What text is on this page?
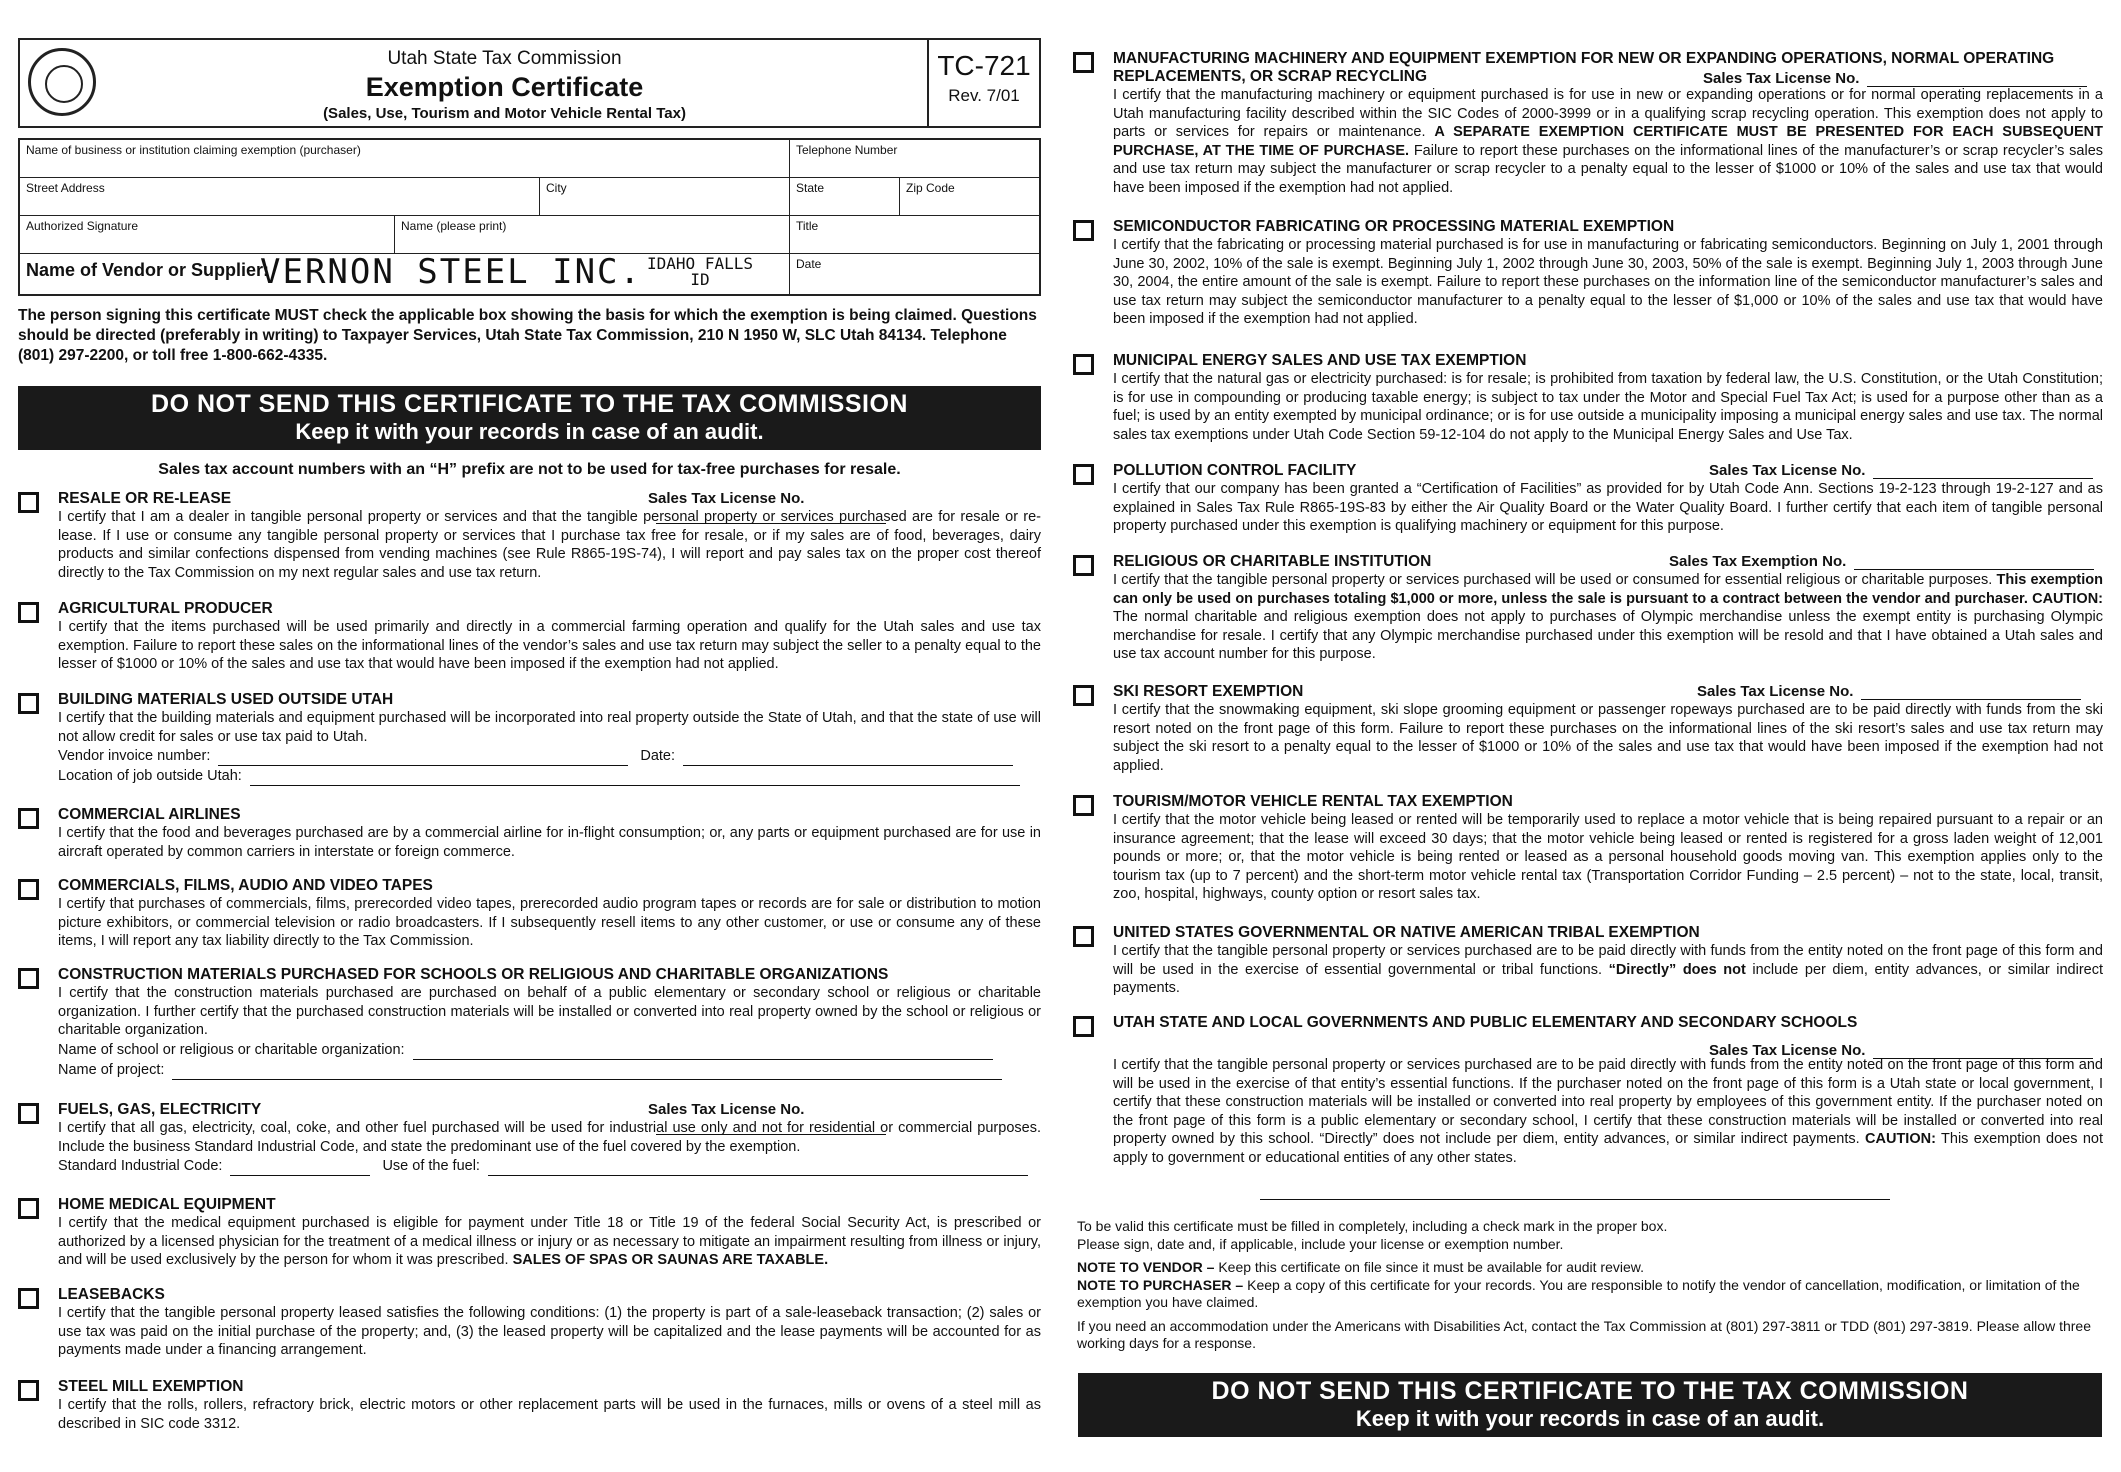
Utah State Tax Commission
Exemption Certificate
(Sales, Use, Tourism and Motor Vehicle Rental Tax)
TC-721
Rev. 7/01
Name of business or institution claiming exemption (purchaser)	Telephone Number
Street Address	City	State	Zip Code
Authorized Signature	Name (please print)	Title
Name of Vendor or Supplier:
VERNON STEEL INC. IDAHO FALLS
ID
Date
The person signing this certificate MUST check the applicable box showing the basis for which the exemption is being claimed. Questions should be directed (preferably in writing) to Taxpayer Services, Utah State Tax Commission, 210 N 1950 W, SLC Utah 84134. Telephone (801) 297-2200, or toll free 1-800-662-4335.
DO NOT SEND THIS CERTIFICATE TO THE TAX COMMISSION
Keep it with your records in case of an audit.
Sales tax account numbers with an “H” prefix are not to be used for tax-free purchases for resale.
RESALE OR RE-LEASE	Sales Tax License No.
I certify that I am a dealer in tangible personal property or services and that the tangible personal property or services purchased are for resale or re-lease. If I use or consume any tangible personal property or services that I purchase tax free for resale, or if my sales are of food, beverages, dairy products and similar confections dispensed from vending machines (see Rule R865-19S-74), I will report and pay sales tax on the proper cost thereof directly to the Tax Commission on my next regular sales and use tax return.
AGRICULTURAL PRODUCER
I certify that the items purchased will be used primarily and directly in a commercial farming operation and qualify for the Utah sales and use tax exemption. Failure to report these sales on the informational lines of the vendor’s sales and use tax return may subject the seller to a penalty equal to the lesser of $1000 or 10% of the sales and use tax that would have been imposed if the exemption had not applied.
BUILDING MATERIALS USED OUTSIDE UTAH
I certify that the building materials and equipment purchased will be incorporated into real property outside the State of Utah, and that the state of use will not allow credit for sales or use tax paid to Utah.
Vendor invoice number:	Date:
Location of job outside Utah:
COMMERCIAL AIRLINES
I certify that the food and beverages purchased are by a commercial airline for in-flight consumption; or, any parts or equipment purchased are for use in aircraft operated by common carriers in interstate or foreign commerce.
COMMERCIALS, FILMS, AUDIO AND VIDEO TAPES
I certify that purchases of commercials, films, prerecorded video tapes, prerecorded audio program tapes or records are for sale or distribution to motion picture exhibitors, or commercial television or radio broadcasters. If I subsequently resell items to any other customer, or use or consume any of these items, I will report any tax liability directly to the Tax Commission.
CONSTRUCTION MATERIALS PURCHASED FOR SCHOOLS OR RELIGIOUS AND CHARITABLE ORGANIZATIONS
I certify that the construction materials purchased are purchased on behalf of a public elementary or secondary school or religious or charitable organization. I further certify that the purchased construction materials will be installed or converted into real property owned by the school or religious or charitable organization.
Name of school or religious or charitable organization:
Name of project:
FUELS, GAS, ELECTRICITY	Sales Tax License No.
I certify that all gas, electricity, coal, coke, and other fuel purchased will be used for industrial use only and not for residential or commercial purposes. Include the business Standard Industrial Code, and state the predominant use of the fuel covered by the exemption.
Standard Industrial Code:	Use of the fuel:
HOME MEDICAL EQUIPMENT
I certify that the medical equipment purchased is eligible for payment under Title 18 or Title 19 of the federal Social Security Act, is prescribed or authorized by a licensed physician for the treatment of a medical illness or injury or as necessary to mitigate an impairment resulting from illness or injury, and will be used exclusively by the person for whom it was prescribed. SALES OF SPAS OR SAUNAS ARE TAXABLE.
LEASEBACKS
I certify that the tangible personal property leased satisfies the following conditions: (1) the property is part of a sale-leaseback transaction; (2) sales or use tax was paid on the initial purchase of the property; and, (3) the leased property will be capitalized and the lease payments will be accounted for as payments made under a financing arrangement.
STEEL MILL EXEMPTION
I certify that the rolls, rollers, refractory brick, electric motors or other replacement parts will be used in the furnaces, mills or ovens of a steel mill as described in SIC code 3312.
MANUFACTURING MACHINERY AND EQUIPMENT EXEMPTION FOR NEW OR EXPANDING OPERATIONS, NORMAL OPERATING REPLACEMENTS, OR SCRAP RECYCLING	Sales Tax License No.
I certify that the manufacturing machinery or equipment purchased is for use in new or expanding operations or for normal operating replacements in a Utah manufacturing facility described within the SIC Codes of 2000-3999 or in a qualifying scrap recycling operation. This exemption does not apply to parts or services for repairs or maintenance. A SEPARATE EXEMPTION CERTIFICATE MUST BE PRESENTED FOR EACH SUBSEQUENT PURCHASE, AT THE TIME OF PURCHASE. Failure to report these purchases on the informational lines of the manufacturer’s or scrap recycler’s sales and use tax return may subject the manufacturer or scrap recycler to a penalty equal to the lesser of $1000 or 10% of the sales and use tax that would have been imposed if the exemption had not applied.
SEMICONDUCTOR FABRICATING OR PROCESSING MATERIAL EXEMPTION
I certify that the fabricating or processing material purchased is for use in manufacturing or fabricating semiconductors. Beginning on July 1, 2001 through June 30, 2002, 10% of the sale is exempt. Beginning July 1, 2002 through June 30, 2003, 50% of the sale is exempt. Beginning July 1, 2003 through June 30, 2004, the entire amount of the sale is exempt. Failure to report these purchases on the information line of the semiconductor manufacturer’s sales and use tax return may subject the semiconductor manufacturer to a penalty equal to the lesser of $1,000 or 10% of the sales and use tax that would have been imposed if the exemption had not applied.
MUNICIPAL ENERGY SALES AND USE TAX EXEMPTION
I certify that the natural gas or electricity purchased: is for resale; is prohibited from taxation by federal law, the U.S. Constitution, or the Utah Constitution; is for use in compounding or producing taxable energy; is subject to tax under the Motor and Special Fuel Tax Act; is used for a purpose other than as a fuel; is used by an entity exempted by municipal ordinance; or is for use outside a municipality imposing a municipal energy sales and use tax. The normal sales tax exemptions under Utah Code Section 59-12-104 do not apply to the Municipal Energy Sales and Use Tax.
POLLUTION CONTROL FACILITY	Sales Tax License No.
I certify that our company has been granted a “Certification of Facilities” as provided for by Utah Code Ann. Sections 19-2-123 through 19-2-127 and as explained in Sales Tax Rule R865-19S-83 by either the Air Quality Board or the Water Quality Board. I further certify that each item of tangible personal property purchased under this exemption is qualifying machinery or equipment for this purpose.
RELIGIOUS OR CHARITABLE INSTITUTION	Sales Tax Exemption No.
I certify that the tangible personal property or services purchased will be used or consumed for essential religious or charitable purposes. This exemption can only be used on purchases totaling $1,000 or more, unless the sale is pursuant to a contract between the vendor and purchaser. CAUTION: The normal charitable and religious exemption does not apply to purchases of Olympic merchandise unless the exempt entity is purchasing Olympic merchandise for resale. I certify that any Olympic merchandise purchased under this exemption will be resold and that I have obtained a Utah sales and use tax account number for this purpose.
SKI RESORT EXEMPTION	Sales Tax License No.
I certify that the snowmaking equipment, ski slope grooming equipment or passenger ropeways purchased are to be paid directly with funds from the ski resort noted on the front page of this form. Failure to report these purchases on the informational lines of the ski resort’s sales and use tax return may subject the ski resort to a penalty equal to the lesser of $1000 or 10% of the sales and use tax that would have been imposed if the exemption had not applied.
TOURISM/MOTOR VEHICLE RENTAL TAX EXEMPTION
I certify that the motor vehicle being leased or rented will be temporarily used to replace a motor vehicle that is being repaired pursuant to a repair or an insurance agreement; that the lease will exceed 30 days; that the motor vehicle being leased or rented is registered for a gross laden weight of 12,001 pounds or more; or, that the motor vehicle is being rented or leased as a personal household goods moving van. This exemption applies only to the tourism tax (up to 7 percent) and the short-term motor vehicle rental tax (Transportation Corridor Funding – 2.5 percent) – not to the state, local, transit, zoo, hospital, highways, county option or resort sales tax.
UNITED STATES GOVERNMENTAL OR NATIVE AMERICAN TRIBAL EXEMPTION
I certify that the tangible personal property or services purchased are to be paid directly with funds from the entity noted on the front page of this form and will be used in the exercise of essential governmental or tribal functions. “Directly” does not include per diem, entity advances, or similar indirect payments.
UTAH STATE AND LOCAL GOVERNMENTS AND PUBLIC ELEMENTARY AND SECONDARY SCHOOLS
Sales Tax License No.
I certify that the tangible personal property or services purchased are to be paid directly with funds from the entity noted on the front page of this form and will be used in the exercise of that entity’s essential functions. If the purchaser noted on the front page of this form is a Utah state or local government, I certify that these construction materials will be installed or converted into real property by employees of this government entity. If the purchaser noted on the front page of this form is a public elementary or secondary school, I certify that these construction materials will be installed or converted into real property owned by this school. “Directly” does not include per diem, entity advances, or similar indirect payments. CAUTION: This exemption does not apply to government or educational entities of any other states.
To be valid this certificate must be filled in completely, including a check mark in the proper box.
Please sign, date and, if applicable, include your license or exemption number.
NOTE TO VENDOR – Keep this certificate on file since it must be available for audit review.
NOTE TO PURCHASER – Keep a copy of this certificate for your records. You are responsible to notify the vendor of cancellation, modification, or limitation of the exemption you have claimed.
If you need an accommodation under the Americans with Disabilities Act, contact the Tax Commission at (801) 297-3811 or TDD (801) 297-3819. Please allow three working days for a response.
DO NOT SEND THIS CERTIFICATE TO THE TAX COMMISSION
Keep it with your records in case of an audit.
